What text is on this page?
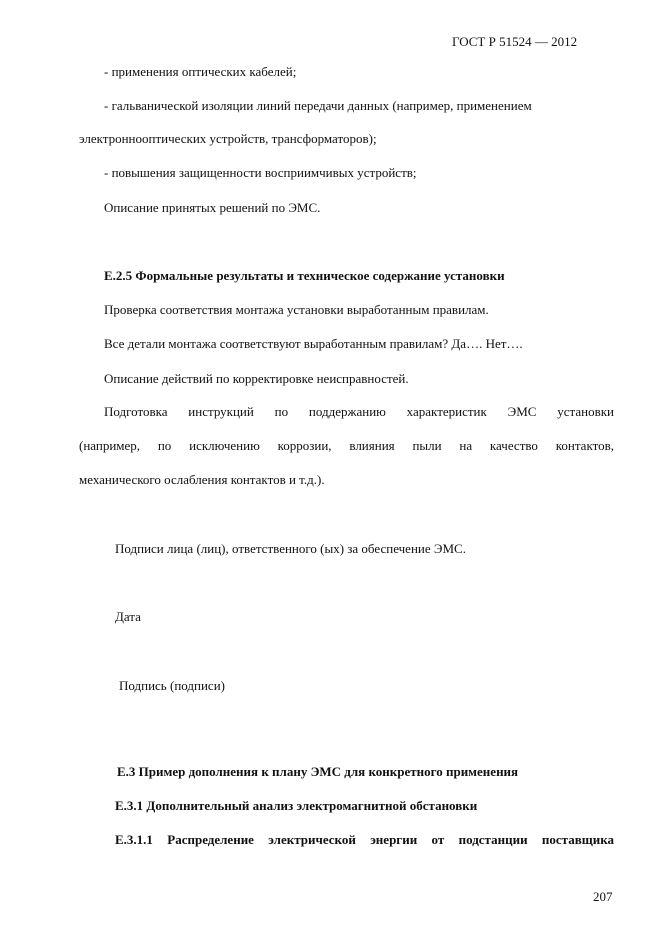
ГОСТ Р 51524 — 2012
- применения оптических кабелей;
- гальванической изоляции линий передачи данных (например, применением
электроннооптических устройств, трансформаторов);
- повышения защищенности восприимчивых устройств;
Описание принятых решений по ЭМС.
Е.2.5 Формальные результаты и техническое содержание установки
Проверка соответствия монтажа установки выработанным правилам.
Все детали монтажа соответствуют выработанным правилам? Да…. Нет….
Описание действий по корректировке неисправностей.
Подготовка инструкций по поддержанию характеристик ЭМС установки
(например, по исключению коррозии, влияния пыли на качество контактов,
механического ослабления контактов и т.д.).
Подписи лица (лиц), ответственного (ых) за обеспечение ЭМС.
Дата
Подпись (подписи)
Е.3 Пример дополнения к плану ЭМС для конкретного применения
Е.3.1 Дополнительный анализ электромагнитной обстановки
Е.3.1.1 Распределение электрической энергии от подстанции поставщика
207
